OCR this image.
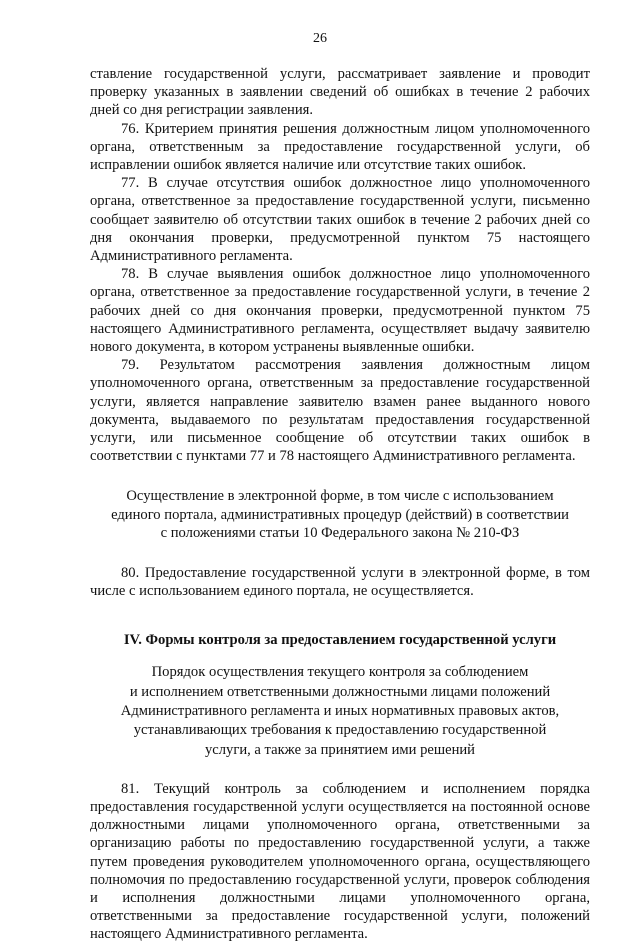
26

ставление государственной услуги, рассматривает заявление и проводит проверку указанных в заявлении сведений об ошибках в течение 2 рабочих дней со дня регистрации заявления.

76. Критерием принятия решения должностным лицом уполномоченного органа, ответственным за предоставление государственной услуги, об исправлении ошибок является наличие или отсутствие таких ошибок.

77. В случае отсутствия ошибок должностное лицо уполномоченного органа, ответственное за предоставление государственной услуги, письменно сообщает заявителю об отсутствии таких ошибок в течение 2 рабочих дней со дня окончания проверки, предусмотренной пунктом 75 настоящего Административного регламента.

78. В случае выявления ошибок должностное лицо уполномоченного органа, ответственное за предоставление государственной услуги, в течение 2 рабочих дней со дня окончания проверки, предусмотренной пунктом 75 настоящего Административного регламента, осуществляет выдачу заявителю нового документа, в котором устранены выявленные ошибки.

79. Результатом рассмотрения заявления должностным лицом уполномоченного органа, ответственным за предоставление государственной услуги, является направление заявителю взамен ранее выданного нового документа, выдаваемого по результатам предоставления государственной услуги, или письменное сообщение об отсутствии таких ошибок в соответствии с пунктами 77 и 78 настоящего Административного регламента.

Осуществление в электронной форме, в том числе с использованием
единого портала, административных процедур (действий) в соответствии
с положениями статьи 10 Федерального закона № 210-ФЗ

80. Предоставление государственной услуги в электронной форме, в том числе с использованием единого портала, не осуществляется.

IV. Формы контроля за предоставлением государственной услуги
Порядок осуществления текущего контроля за соблюдением
и исполнением ответственными должностными лицами положений
Административного регламента и иных нормативных правовых актов,
устанавливающих требования к предоставлению государственной
услуги, а также за принятием ими решений

81. Текущий контроль за соблюдением и исполнением порядка предоставления государственной услуги осуществляется на постоянной основе должностными лицами уполномоченного органа, ответственными за организацию работы по предоставлению государственной услуги, а также путем проведения руководителем уполномоченного органа, осуществляющего полномочия по предоставлению государственной услуги, проверок соблюдения и исполнения должностными лицами уполномоченного органа, ответственными за предоставление государственной услуги, положений настоящего Административного регламента.
